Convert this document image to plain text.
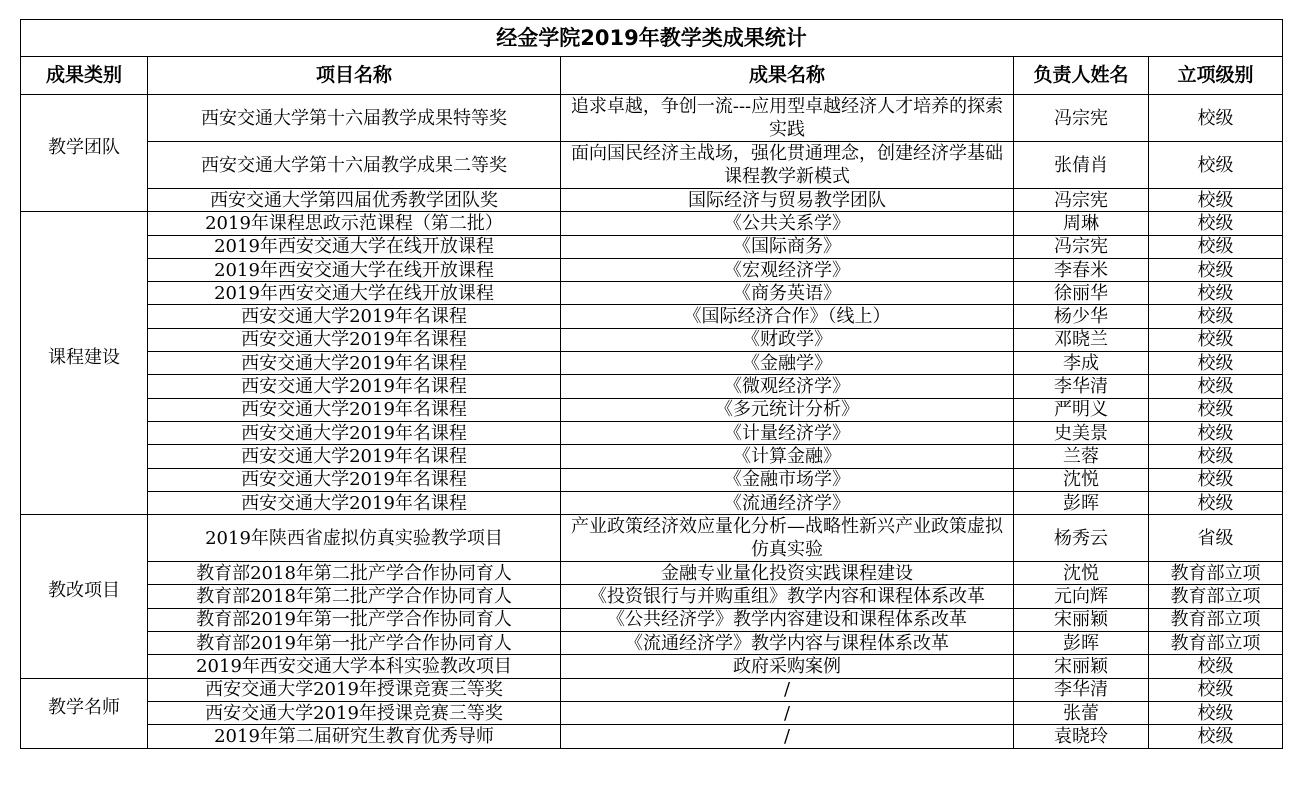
经金学院2019年教学类成果统计				
成果类别	项目名称	成果名称	负责人姓名	立项级别
教学团队	西安交通大学第十六届教学成果特等奖	追求卓越，争创一流---应用型卓越经济人才培养的探索实践	冯宗宪	校级
	西安交通大学第十六届教学成果二等奖	面向国民经济主战场，强化贯通理念，创建经济学基础课程教学新模式	张倩肖	校级
	西安交通大学第四届优秀教学团队奖	国际经济与贸易教学团队	冯宗宪	校级
课程建设	2019年课程思政示范课程（第二批）	《公共关系学》	周琳	校级
	2019年西安交通大学在线开放课程	《国际商务》	冯宗宪	校级
	2019年西安交通大学在线开放课程	《宏观经济学》	李春米	校级
	2019年西安交通大学在线开放课程	《商务英语》	徐丽华	校级
	西安交通大学2019年名课程	《国际经济合作》（线上）	杨少华	校级
	西安交通大学2019年名课程	《财政学》	邓晓兰	校级
	西安交通大学2019年名课程	《金融学》	李成	校级
	西安交通大学2019年名课程	《微观经济学》	李华清	校级
	西安交通大学2019年名课程	《多元统计分析》	严明义	校级
	西安交通大学2019年名课程	《计量经济学》	史美景	校级
	西安交通大学2019年名课程	《计算金融》	兰蓉	校级
	西安交通大学2019年名课程	《金融市场学》	沈悦	校级
	西安交通大学2019年名课程	《流通经济学》	彭晖	校级
教改项目	2019年陕西省虚拟仿真实验教学项目	产业政策经济效应量化分析—战略性新兴产业政策虚拟仿真实验	杨秀云	省级
	教育部2018年第二批产学合作协同育人	金融专业量化投资实践课程建设	沈悦	教育部立项
	教育部2018年第二批产学合作协同育人	《投资银行与并购重组》教学内容和课程体系改革	元向辉	教育部立项
	教育部2019年第一批产学合作协同育人	《公共经济学》教学内容建设和课程体系改革	宋丽颖	教育部立项
	教育部2019年第一批产学合作协同育人	《流通经济学》教学内容与课程体系改革	彭晖	教育部立项
	2019年西安交通大学本科实验教改项目	政府采购案例	宋丽颖	校级
教学名师	西安交通大学2019年授课竞赛三等奖	/	李华清	校级
	西安交通大学2019年授课竞赛三等奖	/	张蕾	校级
	2019年第二届研究生教育优秀导师	/	袁晓玲	校级
